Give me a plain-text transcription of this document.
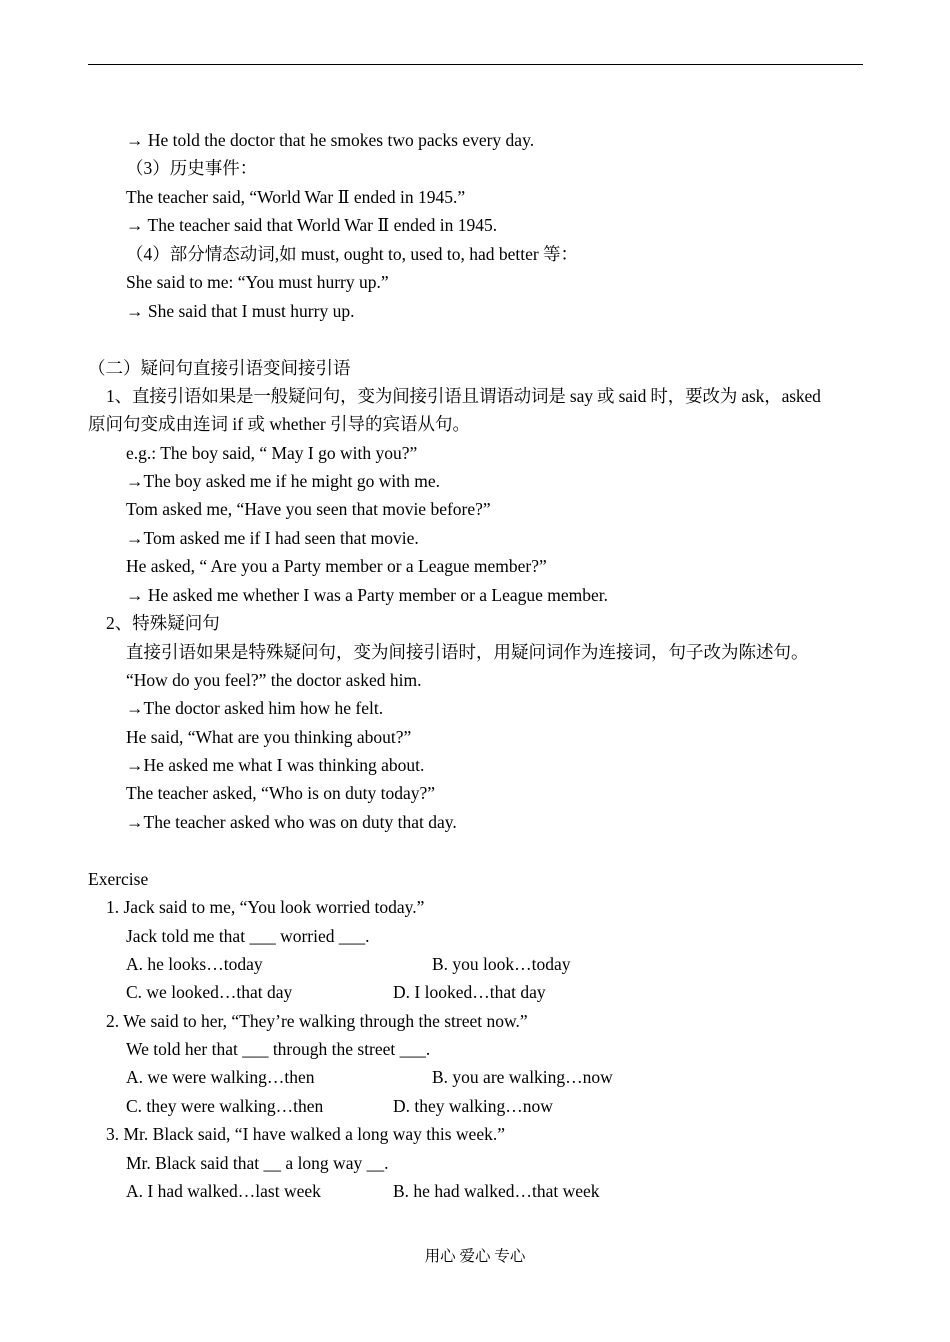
→ He told the doctor that he smokes two packs every day.
（3）历史事件：
The teacher said, “World War Ⅱ ended in 1945.”
→ The teacher said that World War Ⅱ ended in 1945.
（4）部分情态动词,如 must, ought to, used to, had better 等：
She said to me: “You must hurry up.”
→ She said that I must hurry up.
（二）疑问句直接引语变间接引语
1、直接引语如果是一般疑问句，变为间接引语且谓语动词是 say 或 said 时，要改为 ask，asked
原问句变成由连词 if 或 whether 引导的宾语从句。
e.g.: The boy said, “ May I go with you?”
→The boy asked me if he might go with me.
Tom asked me, “Have you seen that movie before?”
→Tom asked me if I had seen that movie.
He asked, “ Are you a Party member or a League member?”
→ He asked me whether I was a Party member or a League member.
2、特殊疑问句
直接引语如果是特殊疑问句，变为间接引语时，用疑问词作为连接词，句子改为陈述句。
“How do you feel?” the doctor asked him.
→The doctor asked him how he felt.
He said, “What are you thinking about?”
→He asked me what I was thinking about.
The teacher asked, “Who is on duty today?”
→The teacher asked who was on duty that day.
Exercise
1. Jack said to me, “You look worried today.”
Jack told me that ___ worried ___.
A. he looks…today	B. you look…today
C. we looked…that day	D. I looked…that day
2. We said to her, “They’re walking through the street now.”
We told her that ___ through the street ___.
A. we were walking…then	B. you are walking…now
C. they were walking…then	D. they walking…now
3. Mr. Black said, “I have walked a long way this week.”
Mr. Black said that __ a long way __.
A. I had walked…last week	B. he had walked…that week
用心 爱心 专心
